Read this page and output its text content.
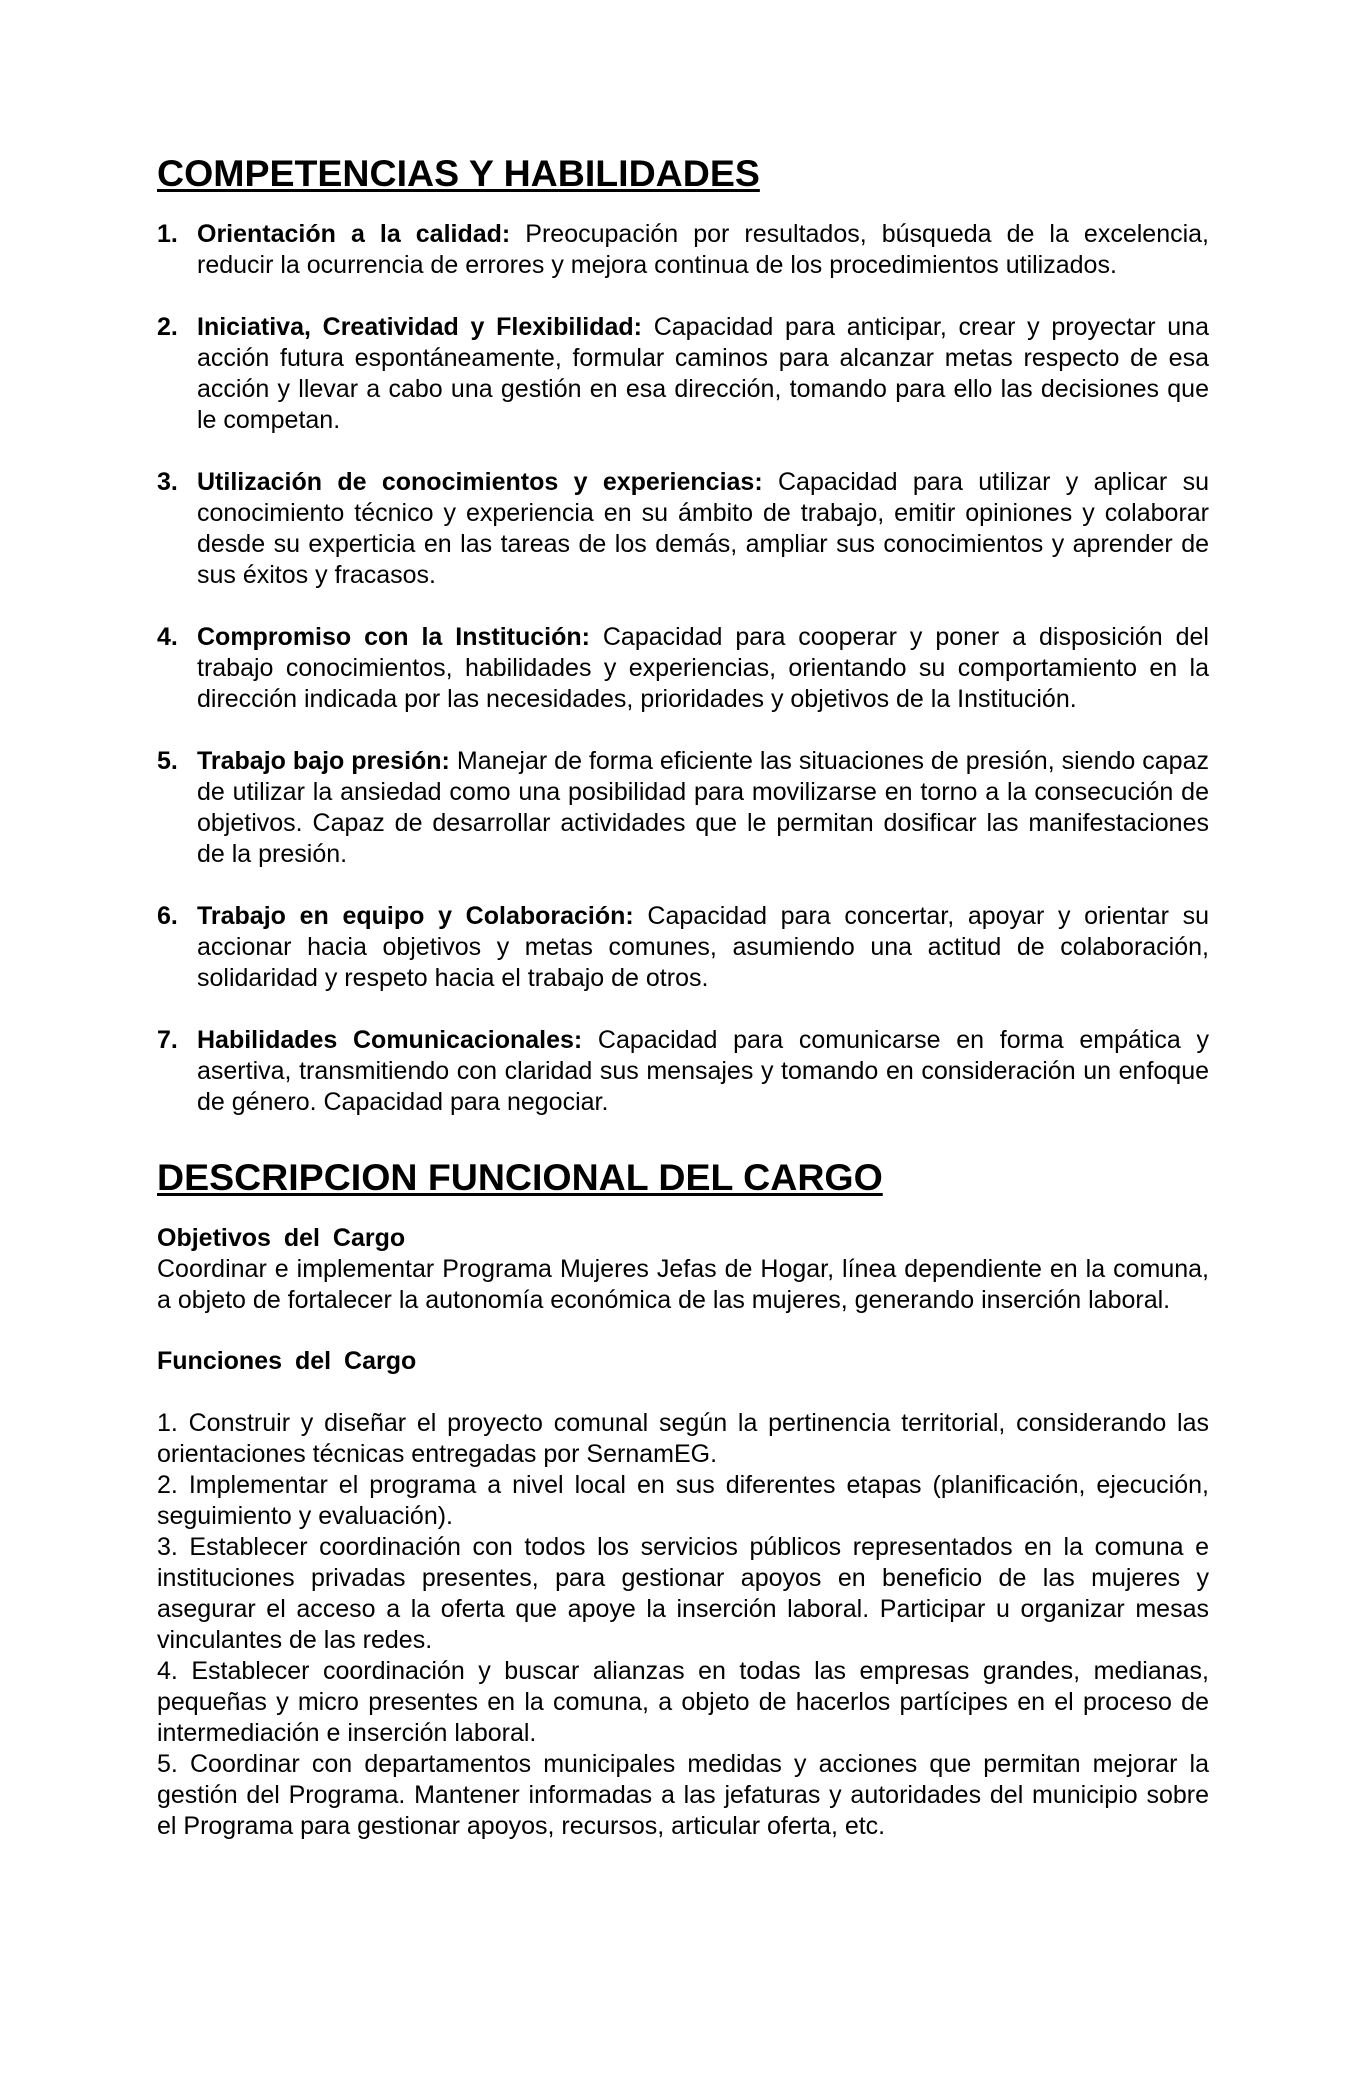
COMPETENCIAS Y HABILIDADES
1. Orientación a la calidad: Preocupación por resultados, búsqueda de la excelencia, reducir la ocurrencia de errores y mejora continua de los procedimientos utilizados.
2. Iniciativa, Creatividad y Flexibilidad: Capacidad para anticipar, crear y proyectar una acción futura espontáneamente, formular caminos para alcanzar metas respecto de esa acción y llevar a cabo una gestión en esa dirección, tomando para ello las decisiones que le competan.
3. Utilización de conocimientos y experiencias: Capacidad para utilizar y aplicar su conocimiento técnico y experiencia en su ámbito de trabajo, emitir opiniones y colaborar desde su experticia en las tareas de los demás, ampliar sus conocimientos y aprender de sus éxitos y fracasos.
4. Compromiso con la Institución: Capacidad para cooperar y poner a disposición del trabajo conocimientos, habilidades y experiencias, orientando su comportamiento en la dirección indicada por las necesidades, prioridades y objetivos de la Institución.
5. Trabajo bajo presión: Manejar de forma eficiente las situaciones de presión, siendo capaz de utilizar la ansiedad como una posibilidad para movilizarse en torno a la consecución de objetivos. Capaz de desarrollar actividades que le permitan dosificar las manifestaciones de la presión.
6. Trabajo en equipo y Colaboración: Capacidad para concertar, apoyar y orientar su accionar hacia objetivos y metas comunes, asumiendo una actitud de colaboración, solidaridad y respeto hacia el trabajo de otros.
7. Habilidades Comunicacionales: Capacidad para comunicarse en forma empática y asertiva, transmitiendo con claridad sus mensajes y tomando en consideración un enfoque de género. Capacidad para negociar.
DESCRIPCION FUNCIONAL DEL CARGO

Objetivos del Cargo

Coordinar e implementar Programa Mujeres Jefas de Hogar, línea dependiente en la comuna, a objeto de fortalecer la autonomía económica de las mujeres, generando inserción laboral.

Funciones del Cargo

1. Construir y diseñar el proyecto comunal según la pertinencia territorial, considerando las orientaciones técnicas entregadas por SernamEG.

2. Implementar el programa a nivel local en sus diferentes etapas (planificación, ejecución, seguimiento y evaluación).

3. Establecer coordinación con todos los servicios públicos representados en la comuna e instituciones privadas presentes, para gestionar apoyos en beneficio de las mujeres y asegurar el acceso a la oferta que apoye la inserción laboral. Participar u organizar mesas vinculantes de las redes.

4. Establecer coordinación y buscar alianzas en todas las empresas grandes, medianas, pequeñas y micro presentes en la comuna, a objeto de hacerlos partícipes en el proceso de intermediación e inserción laboral.

5. Coordinar con departamentos municipales medidas y acciones que permitan mejorar la gestión del Programa. Mantener informadas a las jefaturas y autoridades del municipio sobre el Programa para gestionar apoyos, recursos, articular oferta, etc.
